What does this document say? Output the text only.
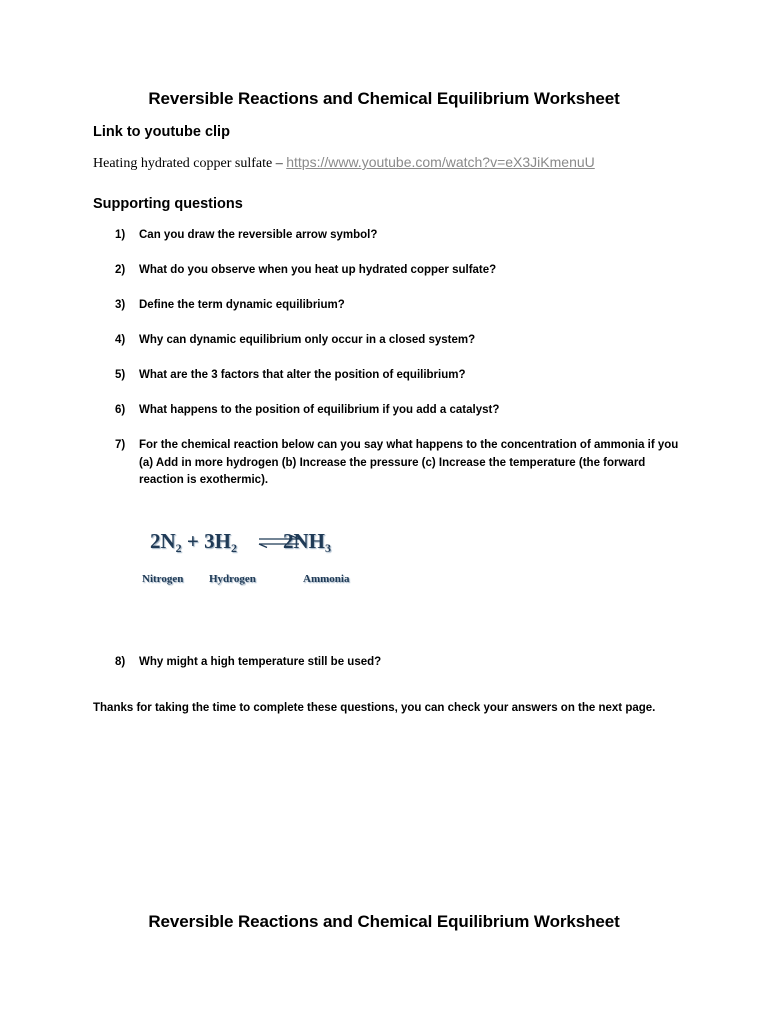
Reversible Reactions and Chemical Equilibrium Worksheet
Link to youtube clip
Heating hydrated copper sulfate – https://www.youtube.com/watch?v=eX3JiKmenuU
Supporting questions
1)	Can you draw the reversible arrow symbol?
2)	What do you observe when you heat up hydrated copper sulfate?
3)	Define the term dynamic equilibrium?
4)	Why can dynamic equilibrium only occur in a closed system?
5)	What are the 3 factors that alter the position of equilibrium?
6)	What happens to the position of equilibrium if you add a catalyst?
7)	For the chemical reaction below can you say what happens to the concentration of ammonia if you (a) Add in more hydrogen (b) Increase the pressure (c) Increase the temperature (the forward reaction is exothermic).
$2N_2 + 3H_2$ $2NH_3$
Nitrogen Hydrogen	Ammonia
8)	Why might a high temperature still be used?
Thanks for taking the time to complete these questions, you can check your answers on the next page.
Reversible Reactions and Chemical Equilibrium Worksheet
